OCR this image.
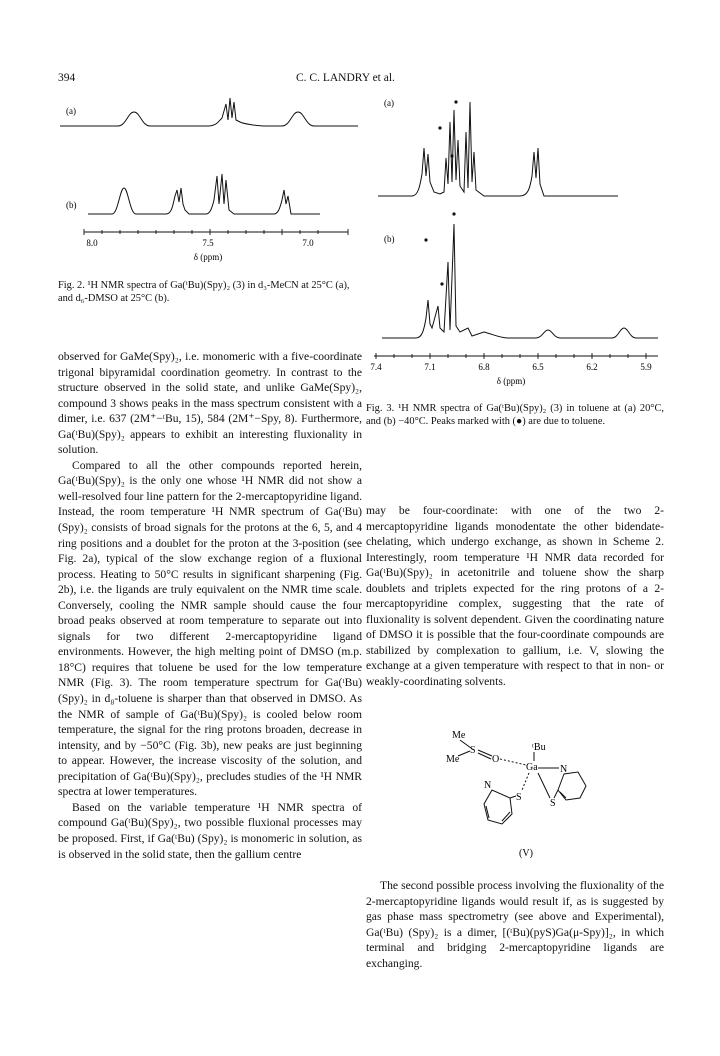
394	C. C. LANDRY et al.
(a)
(b)
8.0	7.5	7.0
δ (ppm)
Fig. 2. ¹H NMR spectra of Ga(ᵗBu)(Spy)₂ (3) in d₃-MeCN at 25°C (a), and d₆-DMSO at 25°C (b).
(a)
(b)
7.4	7.1	6.8	6.5	6.2	5.9
δ (ppm)
Fig. 3. ¹H NMR spectra of Ga(ᵗBu)(Spy)₂ (3) in toluene at (a) 20°C, and (b) −40°C. Peaks marked with (●) are due to toluene.

observed for GaMe(Spy)₂, i.e. monomeric with a five-coordinate trigonal bipyramidal coordination geometry. In contrast to the structure observed in the solid state, and unlike GaMe(Spy)₂, compound 3 shows peaks in the mass spectrum consistent with a dimer, i.e. 637 (2M⁺−ᵗBu, 15), 584 (2M⁺−Spy, 8). Furthermore, Ga(ᵗBu)(Spy)₂ appears to exhibit an interesting fluxionality in solution.

Compared to all the other compounds reported herein, Ga(ᵗBu)(Spy)₂ is the only one whose ¹H NMR did not show a well-resolved four line pattern for the 2-mercaptopyridine ligand. Instead, the room temperature ¹H NMR spectrum of Ga(ᵗBu)(Spy)₂ consists of broad signals for the protons at the 6, 5, and 4 ring positions and a doublet for the proton at the 3-position (see Fig. 2a), typical of the slow exchange region of a fluxional process. Heating to 50°C results in significant sharpening (Fig. 2b), i.e. the ligands are truly equivalent on the NMR time scale. Conversely, cooling the NMR sample should cause the four broad peaks observed at room temperature to separate out into signals for two different 2-mercaptopyridine ligand environments. However, the high melting point of DMSO (m.p. 18°C) requires that toluene be used for the low temperature NMR (Fig. 3). The room temperature spectrum for Ga(ᵗBu)(Spy)₂ in d₈-toluene is sharper than that observed in DMSO. As the NMR of sample of Ga(ᵗBu)(Spy)₂ is cooled below room temperature, the signal for the ring protons broaden, decrease in intensity, and by −50°C (Fig. 3b), new peaks are just beginning to appear. However, the increase viscosity of the solution, and precipitation of Ga(ᵗBu)(Spy)₂, precludes studies of the ¹H NMR spectra at lower temperatures.

Based on the variable temperature ¹H NMR spectra of compound Ga(ᵗBu)(Spy)₂, two possible fluxional processes may be proposed. First, if Ga(ᵗBu) (Spy)₂ is monomeric in solution, as is observed in the solid state, then the gallium centre

may be four-coordinate: with one of the two 2-mercaptopyridine ligands monodentate the other bidendate-chelating, which undergo exchange, as shown in Scheme 2. Interestingly, room temperature ¹H NMR data recorded for Ga(ᵗBu)(Spy)₂ in acetonitrile and toluene show the sharp doublets and triplets expected for the ring protons of a 2-mercaptopyridine complex, suggesting that the rate of fluxionality is solvent dependent. Given the coordinating nature of DMSO it is possible that the four-coordinate compounds are stabilized by complexation to gallium, i.e. V, slowing the exchange at a given temperature with respect to that in non- or weakly-coordinating solvents.

Me
Me
S
O
ᵗBu
Ga N
N
S
S
(V)

The second possible process involving the fluxionality of the 2-mercaptopyridine ligands would result if, as is suggested by gas phase mass spectrometry (see above and Experimental), Ga(ᵗBu) (Spy)₂ is a dimer, [(ᵗBu)(pyS)Ga(μ-Spy)]₂, in which terminal and bridging 2-mercaptopyridine ligands are exchanging.
